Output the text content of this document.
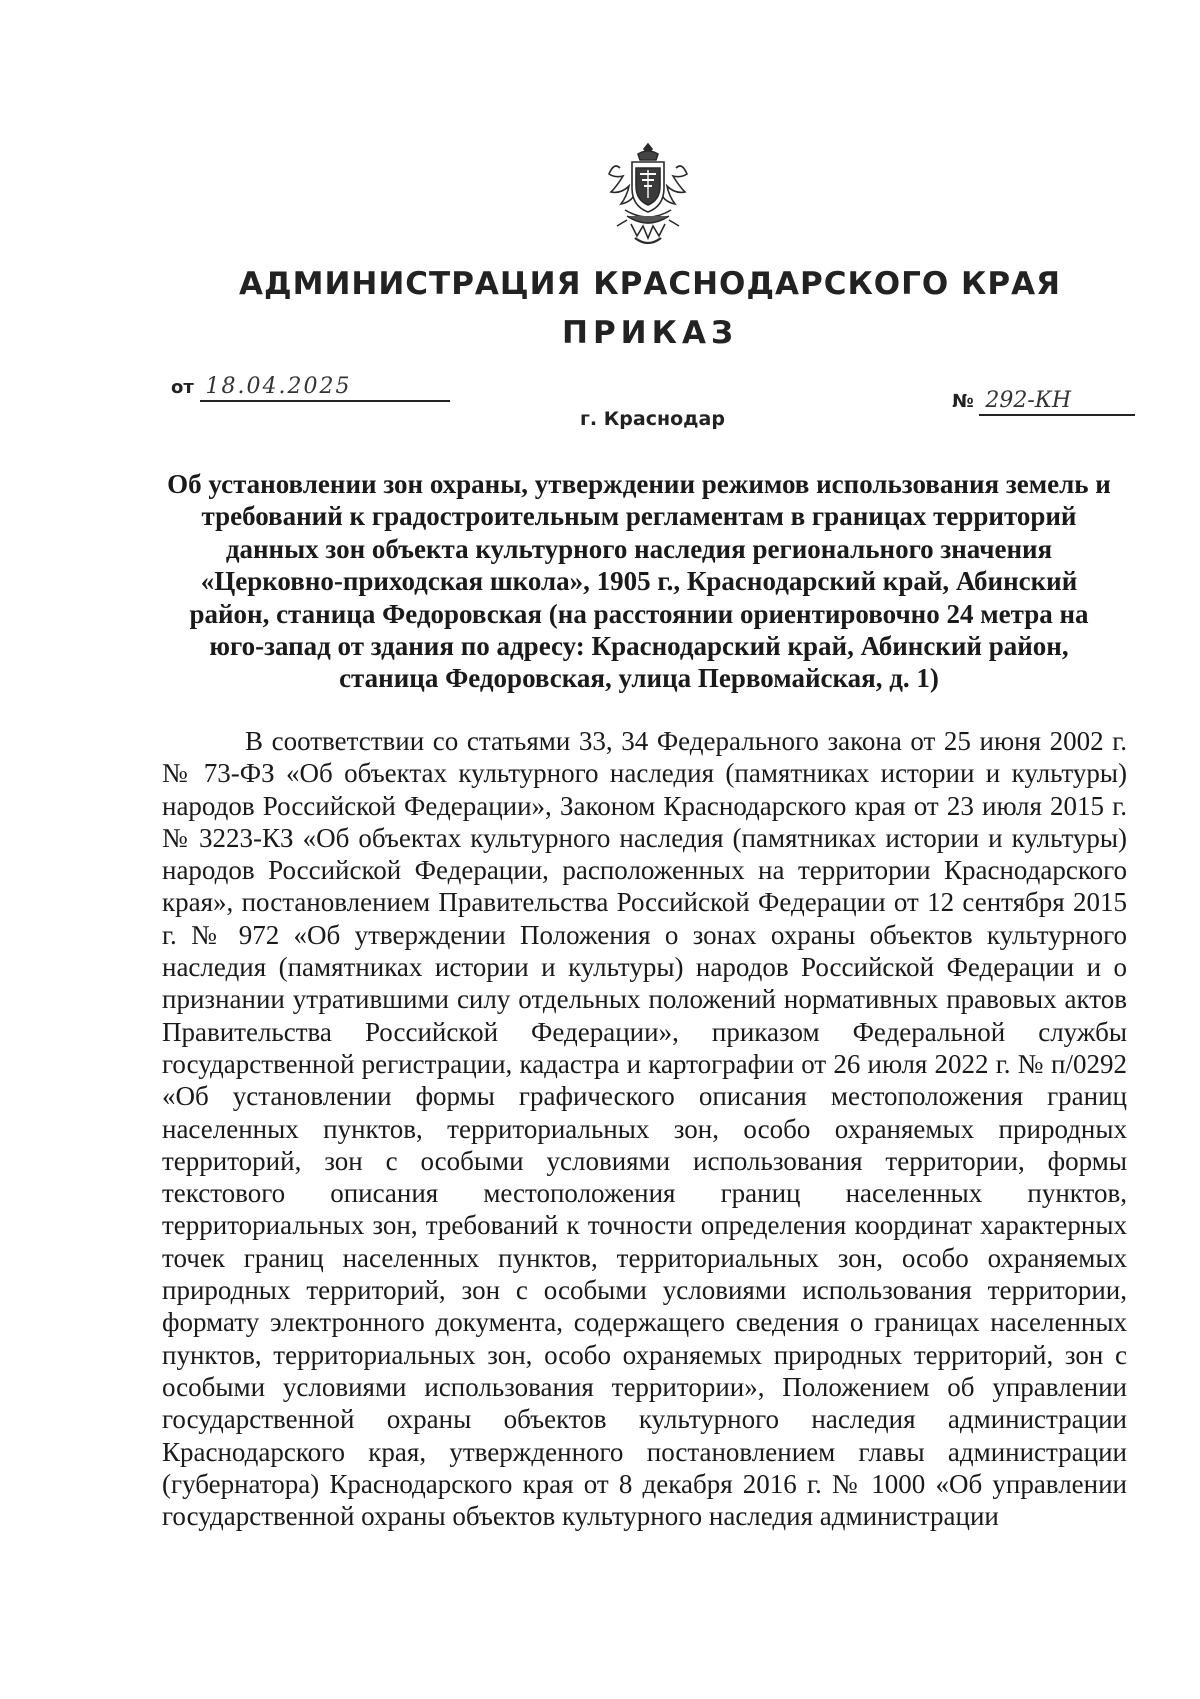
АДМИНИСТРАЦИЯ КРАСНОДАРСКОГО КРАЯ
ПРИКАЗ
от 18.04.2025
№ 292-КН
г. Краснодар

Об установлении зон охраны, утверждении режимов использования земель и требований к градостроительным регламентам в границах территорий данных зон объекта культурного наследия регионального значения «Церковно-приходская школа», 1905 г., Краснодарский край, Абинский район, станица Федоровская (на расстоянии ориентировочно 24 метра на юго-запад от здания по адресу: Краснодарский край, Абинский район, станица Федоровская, улица Первомайская, д. 1)

В соответствии со статьями 33, 34 Федерального закона от 25 июня 2002 г. № 73-ФЗ «Об объектах культурного наследия (памятниках истории и культуры) народов Российской Федерации», Законом Краснодарского края от 23 июля 2015 г. № 3223-КЗ «Об объектах культурного наследия (памятниках истории и культуры) народов Российской Федерации, расположенных на территории Краснодарского края», постановлением Правительства Российской Федерации от 12 сентября 2015 г. № 972 «Об утверждении Положения о зонах охраны объектов культурного наследия (памятниках истории и культуры) народов Российской Федерации и о признании утратившими силу отдельных положений нормативных правовых актов Правительства Российской Федерации», приказом Федеральной службы государственной регистрации, кадастра и картографии от 26 июля 2022 г. № п/0292 «Об установлении формы графического описания местоположения границ населенных пунктов, территориальных зон, особо охраняемых природных территорий, зон с особыми условиями использования территории, формы текстового описания местоположения границ населенных пунктов, территориальных зон, требований к точности определения координат характерных точек границ населенных пунктов, территориальных зон, особо охраняемых природных территорий, зон с особыми условиями использования территории, формату электронного документа, содержащего сведения о границах населенных пунктов, территориальных зон, особо охраняемых природных территорий, зон с особыми условиями использования территории», Положением об управлении государственной охраны объектов культурного наследия администрации Краснодарского края, утвержденного постановлением главы администрации (губернатора) Краснодарского края от 8 декабря 2016 г. № 1000 «Об управлении государственной охраны объектов культурного наследия администрации
